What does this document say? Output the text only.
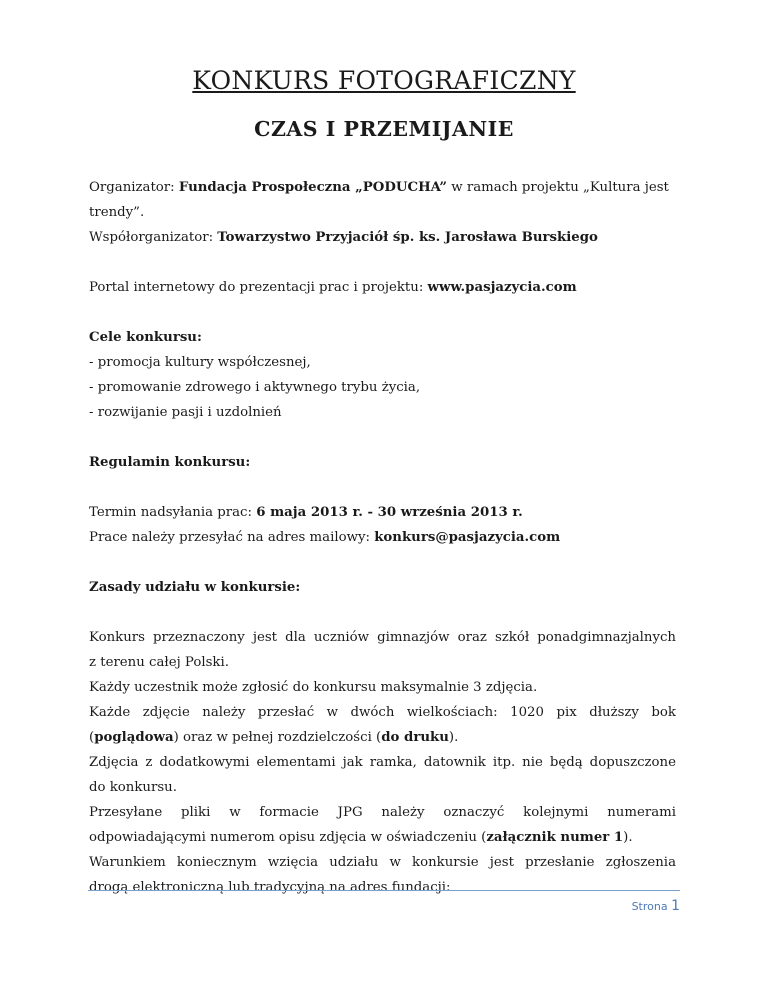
KONKURS FOTOGRAFICZNY
CZAS I PRZEMIJANIE
Organizator: Fundacja Prospołeczna „PODUCHA” w ramach projektu „Kultura jest
trendy”.
Współorganizator: Towarzystwo Przyjaciół śp. ks. Jarosława Burskiego
Portal internetowy do prezentacji prac i projektu: www.pasjazycia.com
Cele konkursu:
- promocja kultury współczesnej,
- promowanie zdrowego i aktywnego trybu życia,
- rozwijanie pasji i uzdolnień
Regulamin konkursu:
Termin nadsyłania prac: 6 maja 2013 r. - 30 września 2013 r.
Prace należy przesyłać na adres mailowy: konkurs@pasjazycia.com
Zasady udziału w konkursie:
Konkurs przeznaczony jest dla uczniów gimnazjów oraz szkół ponadgimnazjalnych
z terenu całej Polski.
Każdy uczestnik może zgłosić do konkursu maksymalnie 3 zdjęcia.
Każde zdjęcie należy przesłać w dwóch wielkościach: 1020 pix dłuższy bok
(poglądowa) oraz w pełnej rozdzielczości (do druku).
Zdjęcia z dodatkowymi elementami jak ramka, datownik itp. nie będą dopuszczone
do konkursu.
Przesyłane pliki w formacie JPG należy oznaczyć kolejnymi numerami
odpowiadającymi numerom opisu zdjęcia w oświadczeniu (załącznik numer 1).
Warunkiem koniecznym wzięcia udziału w konkursie jest przesłanie zgłoszenia
drogą elektroniczną lub tradycyjną na adres fundacji:
Strona 1
